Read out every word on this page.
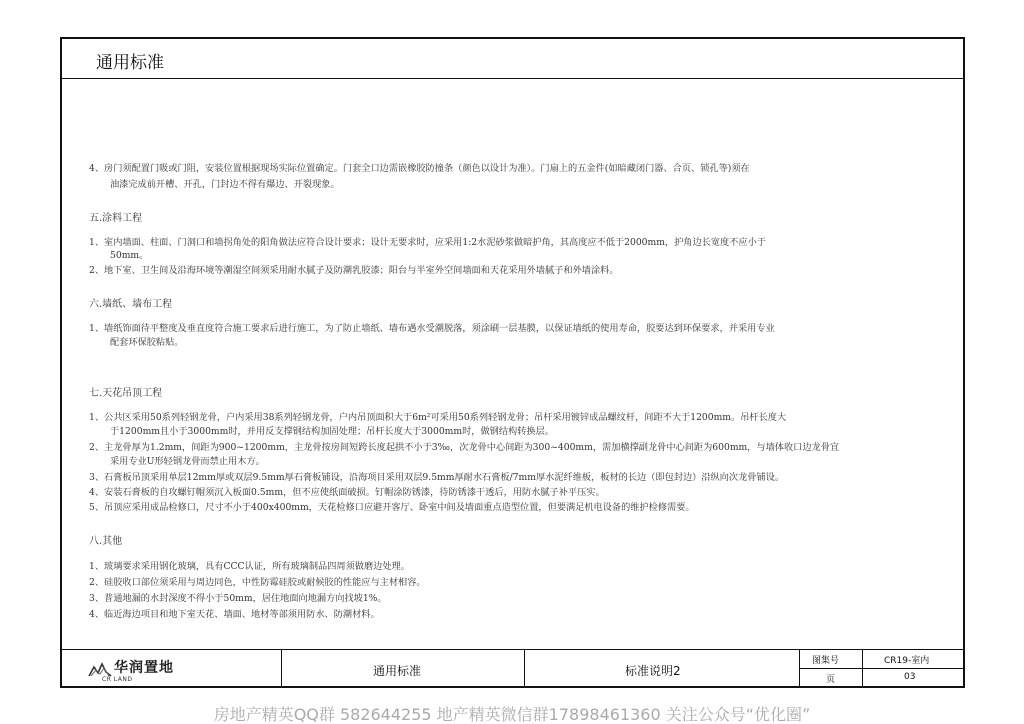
通用标准
4、房门须配置门吸或门阻，安装位置根据现场实际位置确定。门套全口边需嵌橡胶防撞条（颜色以设计为准）。门扇上的五金件(如暗藏闭门器、合页、锁孔等)须在
油漆完成前开槽、开孔，门封边不得有爆边、开裂现象。
五.涂料工程
1、室内墙面、柱面、门洞口和墙拐角处的阳角做法应符合设计要求；设计无要求时，应采用1:2水泥砂浆做暗护角，其高度应不低于2000mm，护角边长宽度不应小于
50mm。
2、地下室、卫生间及沿海环境等潮湿空间须采用耐水腻子及防潮乳胶漆；阳台与半室外空间墙面和天花采用外墙腻子和外墙涂料。
六.墙纸、墙布工程
1、墙纸饰面待平整度及垂直度符合施工要求后进行施工，为了防止墙纸、墙布遇水受潮脱落，须涂刷一层基膜，以保证墙纸的使用寿命，胶要达到环保要求，并采用专业
配套环保胶粘贴。
七.天花吊顶工程
1、公共区采用50系列轻钢龙骨，户内采用38系列轻钢龙骨，户内吊顶面积大于6m²可采用50系列轻钢龙骨；吊杆采用镀锌成品螺纹杆，间距不大于1200mm。吊杆长度大
于1200mm且小于3000mm时，并用反支撑钢结构加固处理；吊杆长度大于3000mm时，做钢结构转换层。
2、主龙骨厚为1.2mm，间距为900~1200mm，主龙骨按房间短跨长度起拱不小于3‰，次龙骨中心间距为300~400mm，需加横撑副龙骨中心间距为600mm，与墙体收口边龙骨宜
采用专业U形轻钢龙骨而禁止用木方。
3、石膏板吊顶采用单层12mm厚或双层9.5mm厚石膏板铺设，沿海项目采用双层9.5mm厚耐水石膏板/7mm厚水泥纤维板，板材的长边（即包封边）沿纵向次龙骨铺设。
4、安装石膏板的自攻螺钉帽须沉入板面0.5mm，但不应使纸面破损。钉帽涂防锈漆，待防锈漆干透后，用防水腻子补平压实。
5、吊顶应采用成品检修口，尺寸不小于400x400mm，天花检修口应避开客厅、卧室中间及墙面重点造型位置，但要满足机电设备的维护检修需要。
八.其他
1、玻璃要求采用钢化玻璃，具有CCC认证，所有玻璃制品四周须做磨边处理。
2、硅胶收口部位须采用与周边同色，中性防霉硅胶或耐候胶的性能应与主材相容。
3、普通地漏的水封深度不得小于50mm，居住地面向地漏方向找坡1%。
4、临近海边项目和地下室天花、墙面、地材等部须用防水、防潮材料。
华润置地
CR LAND
通用标准	标准说明2
图集号	CR19-室内
页	03
房地产精英QQ群 582644255 地产精英微信群17898461360 关注公众号“优化圈”
